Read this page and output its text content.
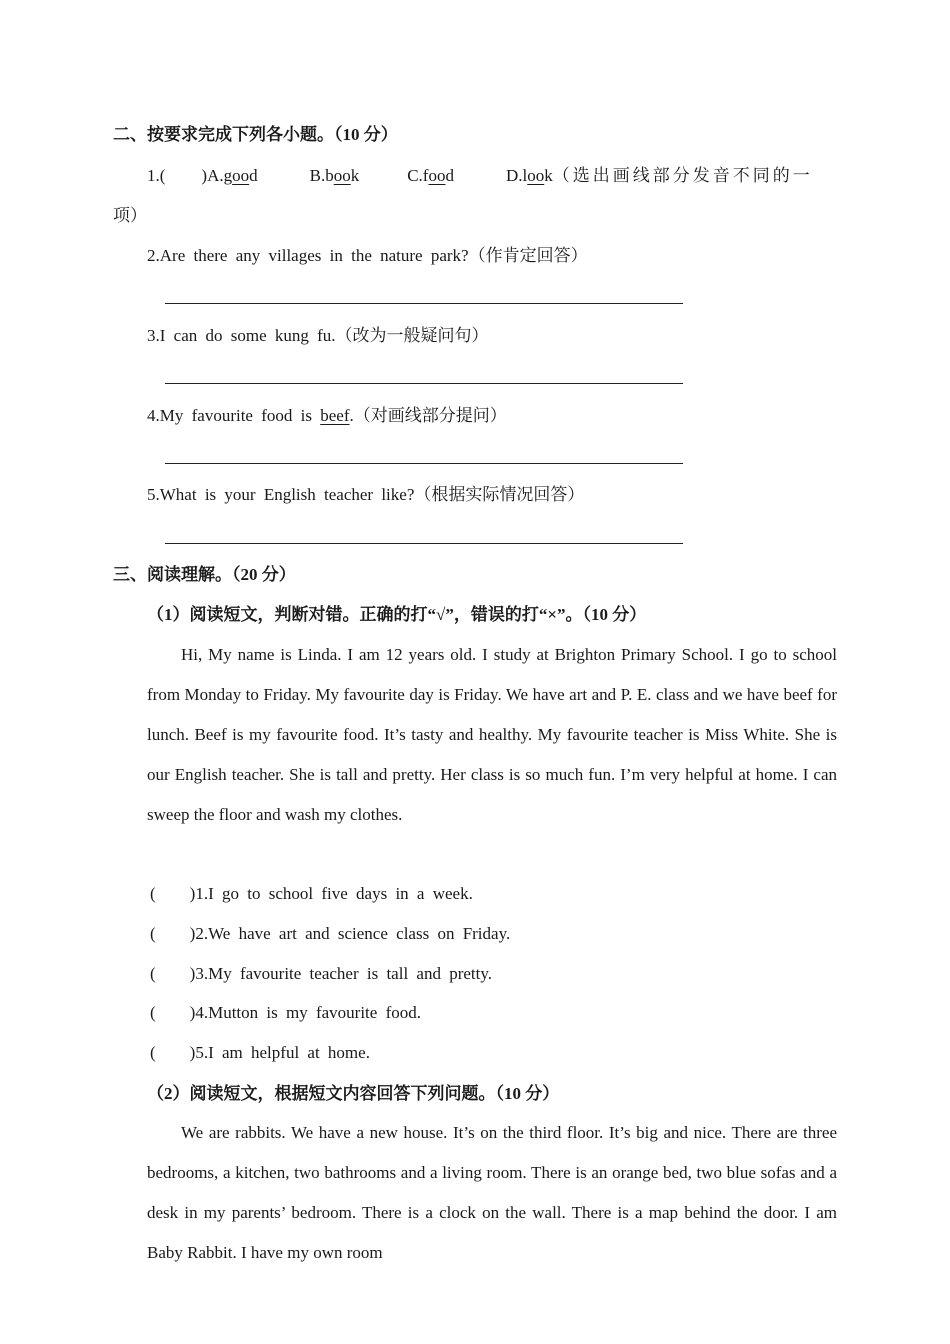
二、按要求完成下列各小题。（10 分）
1.( )A.good	B.book	C.food	D.look（选出画线部分发音不同的一
项）
2.Are there any villages in the nature park?（作肯定回答）
3.I can do some kung fu.（改为一般疑问句）
4.My favourite food is beef.（对画线部分提问）
5.What is your English teacher like?（根据实际情况回答）
三、阅读理解。（20 分）
（1）阅读短文，判断对错。正确的打“√”，错误的打“×”。（10 分）
Hi, My name is Linda. I am 12 years old. I study at Brighton Primary School. I go to school from Monday to Friday. My favourite day is Friday. We have art and P. E. class and we have beef for lunch. Beef is my favourite food. It’s tasty and healthy. My favourite teacher is Miss White. She is our English teacher. She is tall and pretty. Her class is so much fun. I’m very helpful at home. I can sweep the floor and wash my clothes.
( )1.I go to school five days in a week.
( )2.We have art and science class on Friday.
( )3.My favourite teacher is tall and pretty.
( )4.Mutton is my favourite food.
( )5.I am helpful at home.
（2）阅读短文，根据短文内容回答下列问题。（10 分）
We are rabbits. We have a new house. It’s on the third floor. It’s big and nice. There are three bedrooms, a kitchen, two bathrooms and a living room. There is an orange bed, two blue sofas and a desk in my parents’ bedroom. There is a clock on the wall. There is a map behind the door. I am Baby Rabbit. I have my own room
